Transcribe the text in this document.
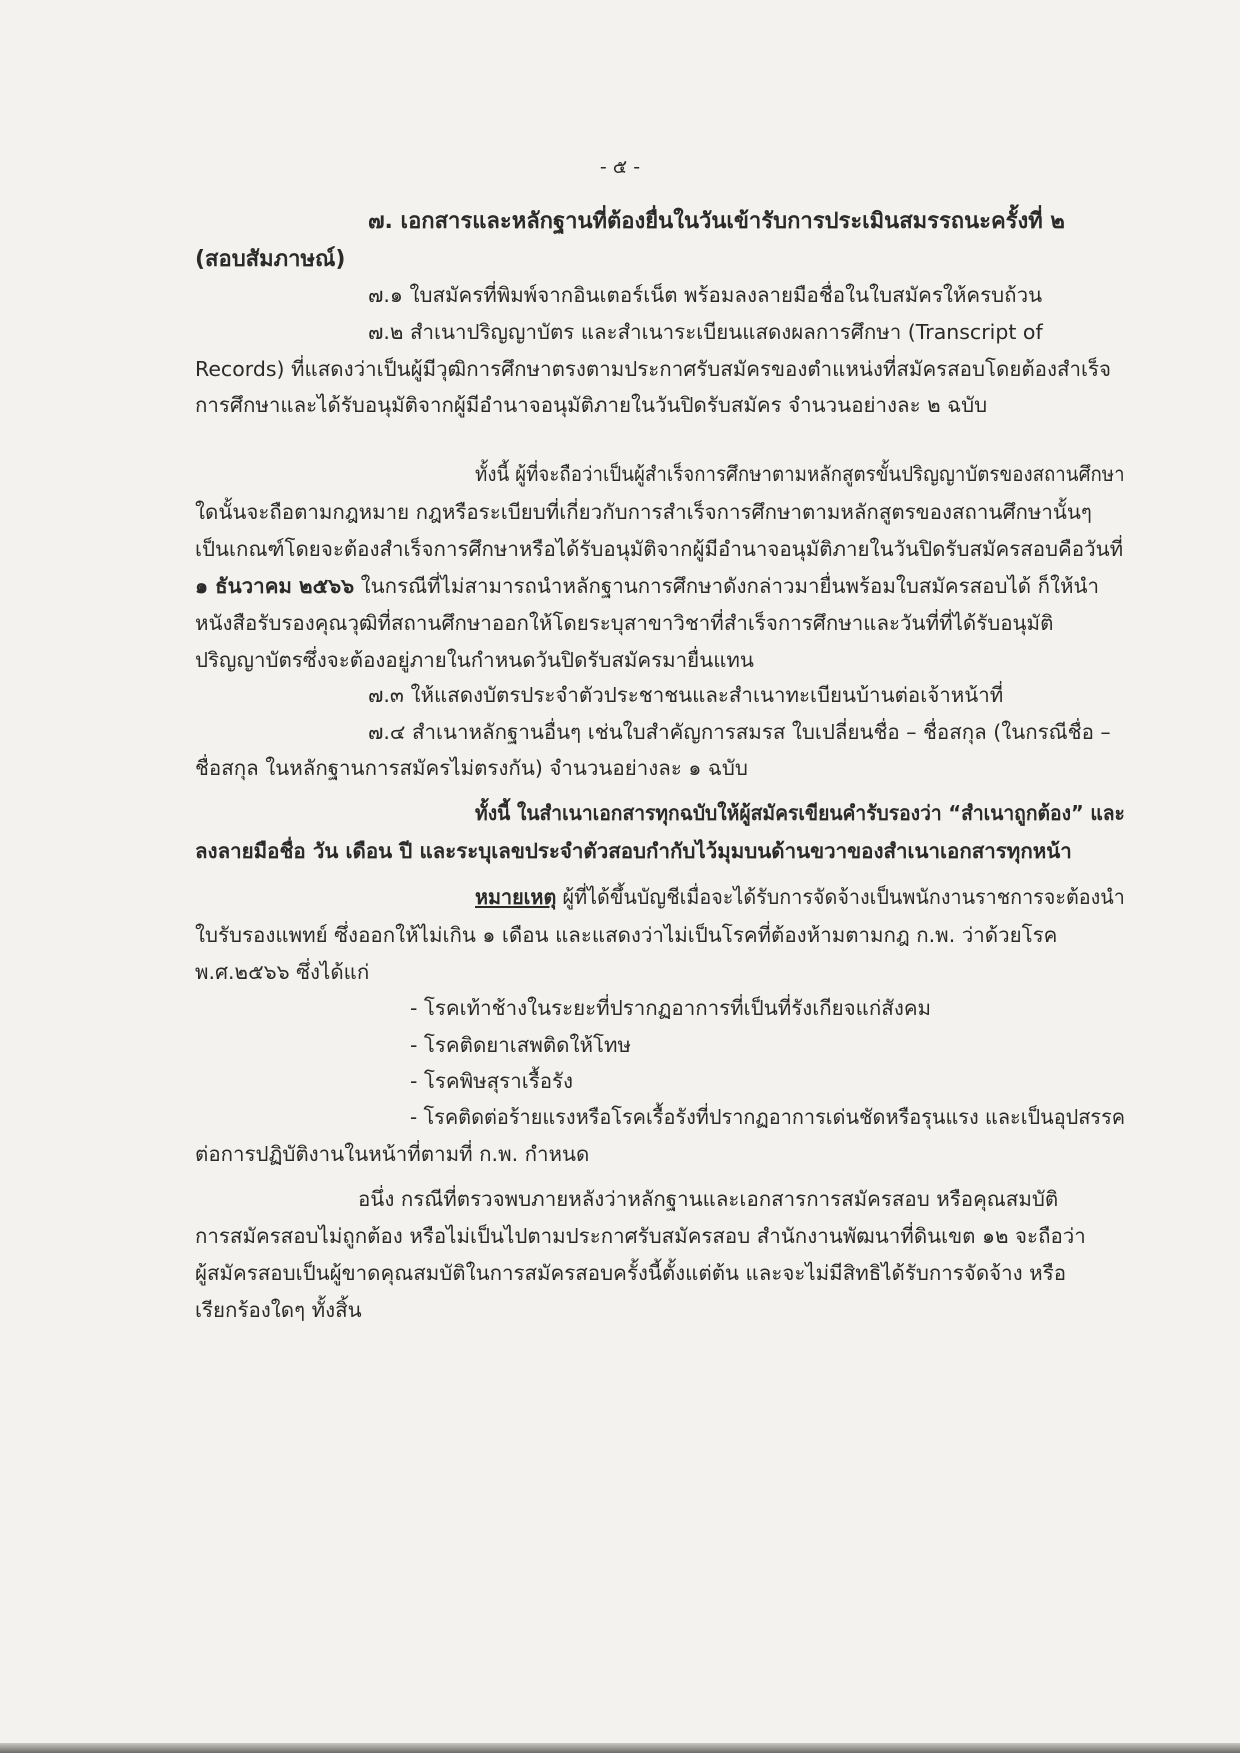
- ๕ -
๗. เอกสารและหลักฐานที่ต้องยื่นในวันเข้ารับการประเมินสมรรถนะครั้งที่ ๒
(สอบสัมภาษณ์)
๗.๑ ใบสมัครที่พิมพ์จากอินเตอร์เน็ต พร้อมลงลายมือชื่อในใบสมัครให้ครบถ้วน
๗.๒ สำเนาปริญญาบัตร และสำเนาระเบียนแสดงผลการศึกษา (Transcript of
Records) ที่แสดงว่าเป็นผู้มีวุฒิการศึกษาตรงตามประกาศรับสมัครของตำแหน่งที่สมัครสอบโดยต้องสำเร็จ
การศึกษาและได้รับอนุมัติจากผู้มีอำนาจอนุมัติภายในวันปิดรับสมัคร จำนวนอย่างละ ๒ ฉบับ
ทั้งนี้ ผู้ที่จะถือว่าเป็นผู้สำเร็จการศึกษาตามหลักสูตรขั้นปริญญาบัตรของสถานศึกษา
ใดนั้นจะถือตามกฎหมาย กฎหรือระเบียบที่เกี่ยวกับการสำเร็จการศึกษาตามหลักสูตรของสถานศึกษานั้นๆ
เป็นเกณฑ์โดยจะต้องสำเร็จการศึกษาหรือได้รับอนุมัติจากผู้มีอำนาจอนุมัติภายในวันปิดรับสมัครสอบคือวันที่
๑ ธันวาคม ๒๕๖๖ ในกรณีที่ไม่สามารถนำหลักฐานการศึกษาดังกล่าวมายื่นพร้อมใบสมัครสอบได้ ก็ให้นำ
หนังสือรับรองคุณวุฒิที่สถานศึกษาออกให้โดยระบุสาขาวิชาที่สำเร็จการศึกษาและวันที่ที่ได้รับอนุมัติ
ปริญญาบัตรซึ่งจะต้องอยู่ภายในกำหนดวันปิดรับสมัครมายื่นแทน
๗.๓ ให้แสดงบัตรประจำตัวประชาชนและสำเนาทะเบียนบ้านต่อเจ้าหน้าที่
๗.๔ สำเนาหลักฐานอื่นๆ เช่นใบสำคัญการสมรส ใบเปลี่ยนชื่อ – ชื่อสกุล (ในกรณีชื่อ –
ชื่อสกุล ในหลักฐานการสมัครไม่ตรงกัน) จำนวนอย่างละ ๑ ฉบับ
ทั้งนี้ ในสำเนาเอกสารทุกฉบับให้ผู้สมัครเขียนคำรับรองว่า “สำเนาถูกต้อง” และ
ลงลายมือชื่อ วัน เดือน ปี และระบุเลขประจำตัวสอบกำกับไว้มุมบนด้านขวาของสำเนาเอกสารทุกหน้า
หมายเหตุ ผู้ที่ได้ขึ้นบัญชีเมื่อจะได้รับการจัดจ้างเป็นพนักงานราชการจะต้องนำ
ใบรับรองแพทย์ ซึ่งออกให้ไม่เกิน ๑ เดือน และแสดงว่าไม่เป็นโรคที่ต้องห้ามตามกฎ ก.พ. ว่าด้วยโรค
พ.ศ.๒๕๖๖ ซึ่งได้แก่
- โรคเท้าช้างในระยะที่ปรากฏอาการที่เป็นที่รังเกียจแก่สังคม
- โรคติดยาเสพติดให้โทษ
- โรคพิษสุราเรื้อรัง
- โรคติดต่อร้ายแรงหรือโรคเรื้อรังที่ปรากฏอาการเด่นชัดหรือรุนแรง และเป็นอุปสรรค
ต่อการปฏิบัติงานในหน้าที่ตามที่ ก.พ. กำหนด
อนึ่ง กรณีที่ตรวจพบภายหลังว่าหลักฐานและเอกสารการสมัครสอบ หรือคุณสมบัติ
การสมัครสอบไม่ถูกต้อง หรือไม่เป็นไปตามประกาศรับสมัครสอบ สำนักงานพัฒนาที่ดินเขต ๑๒ จะถือว่า
ผู้สมัครสอบเป็นผู้ขาดคุณสมบัติในการสมัครสอบครั้งนี้ตั้งแต่ต้น และจะไม่มีสิทธิได้รับการจัดจ้าง หรือ
เรียกร้องใดๆ ทั้งสิ้น
